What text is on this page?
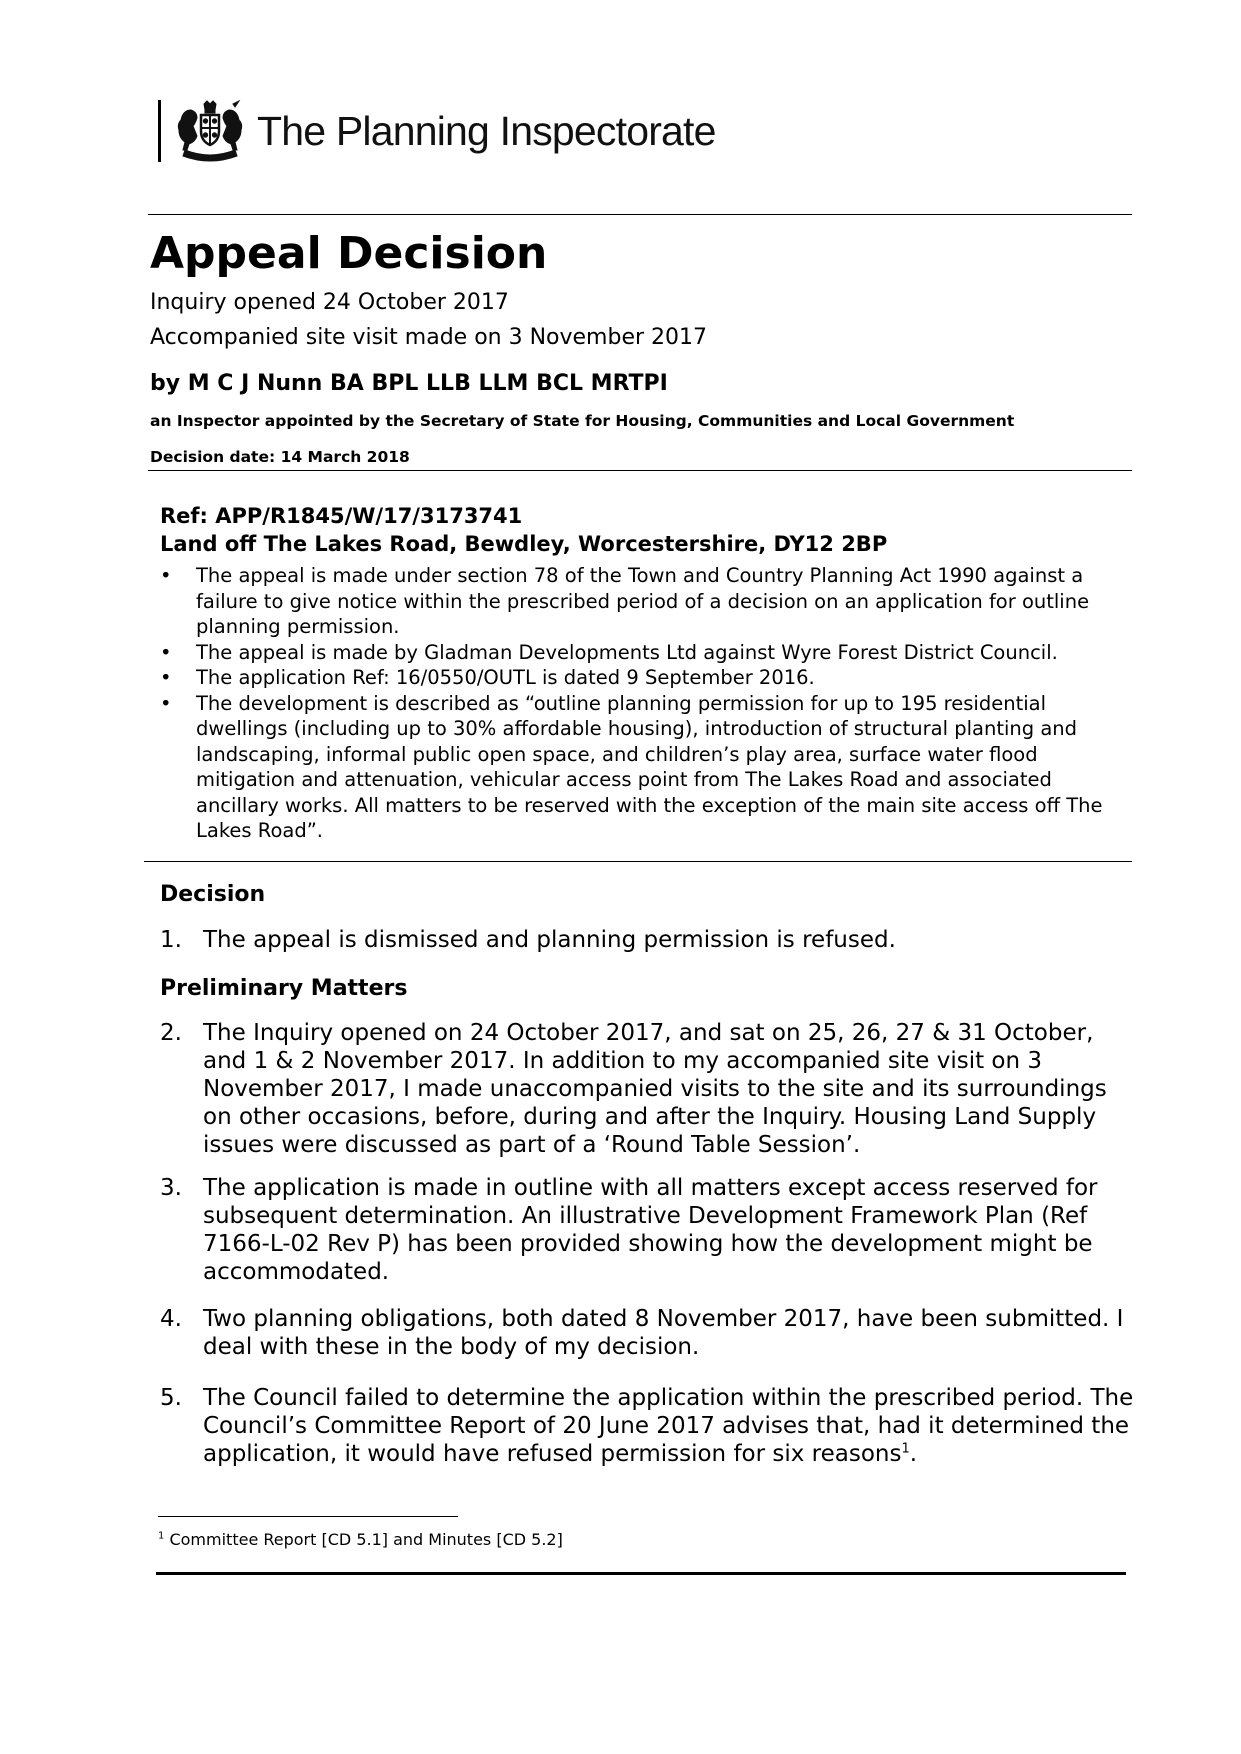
The Planning Inspectorate
Appeal Decision
Inquiry opened 24 October 2017
Accompanied site visit made on 3 November 2017
by M C J Nunn BA BPL LLB LLM BCL MRTPI
an Inspector appointed by the Secretary of State for Housing, Communities and Local Government
Decision date: 14 March 2018
Ref: APP/R1845/W/17/3173741
Land off The Lakes Road, Bewdley, Worcestershire, DY12 2BP
• The appeal is made under section 78 of the Town and Country Planning Act 1990 against a failure to give notice within the prescribed period of a decision on an application for outline planning permission.
• The appeal is made by Gladman Developments Ltd against Wyre Forest District Council.
• The application Ref: 16/0550/OUTL is dated 9 September 2016.
• The development is described as “outline planning permission for up to 195 residential dwellings (including up to 30% affordable housing), introduction of structural planting and landscaping, informal public open space, and children’s play area, surface water flood mitigation and attenuation, vehicular access point from The Lakes Road and associated ancillary works. All matters to be reserved with the exception of the main site access off The Lakes Road”.
Decision
1. The appeal is dismissed and planning permission is refused.
Preliminary Matters
2. The Inquiry opened on 24 October 2017, and sat on 25, 26, 27 & 31 October, and 1 & 2 November 2017. In addition to my accompanied site visit on 3 November 2017, I made unaccompanied visits to the site and its surroundings on other occasions, before, during and after the Inquiry. Housing Land Supply issues were discussed as part of a ‘Round Table Session’.
3. The application is made in outline with all matters except access reserved for subsequent determination. An illustrative Development Framework Plan (Ref 7166-L-02 Rev P) has been provided showing how the development might be accommodated.
4. Two planning obligations, both dated 8 November 2017, have been submitted. I deal with these in the body of my decision.
5. The Council failed to determine the application within the prescribed period. The Council’s Committee Report of 20 June 2017 advises that, had it determined the application, it would have refused permission for six reasons$^1$.
$^1$ Committee Report [CD 5.1] and Minutes [CD 5.2]
